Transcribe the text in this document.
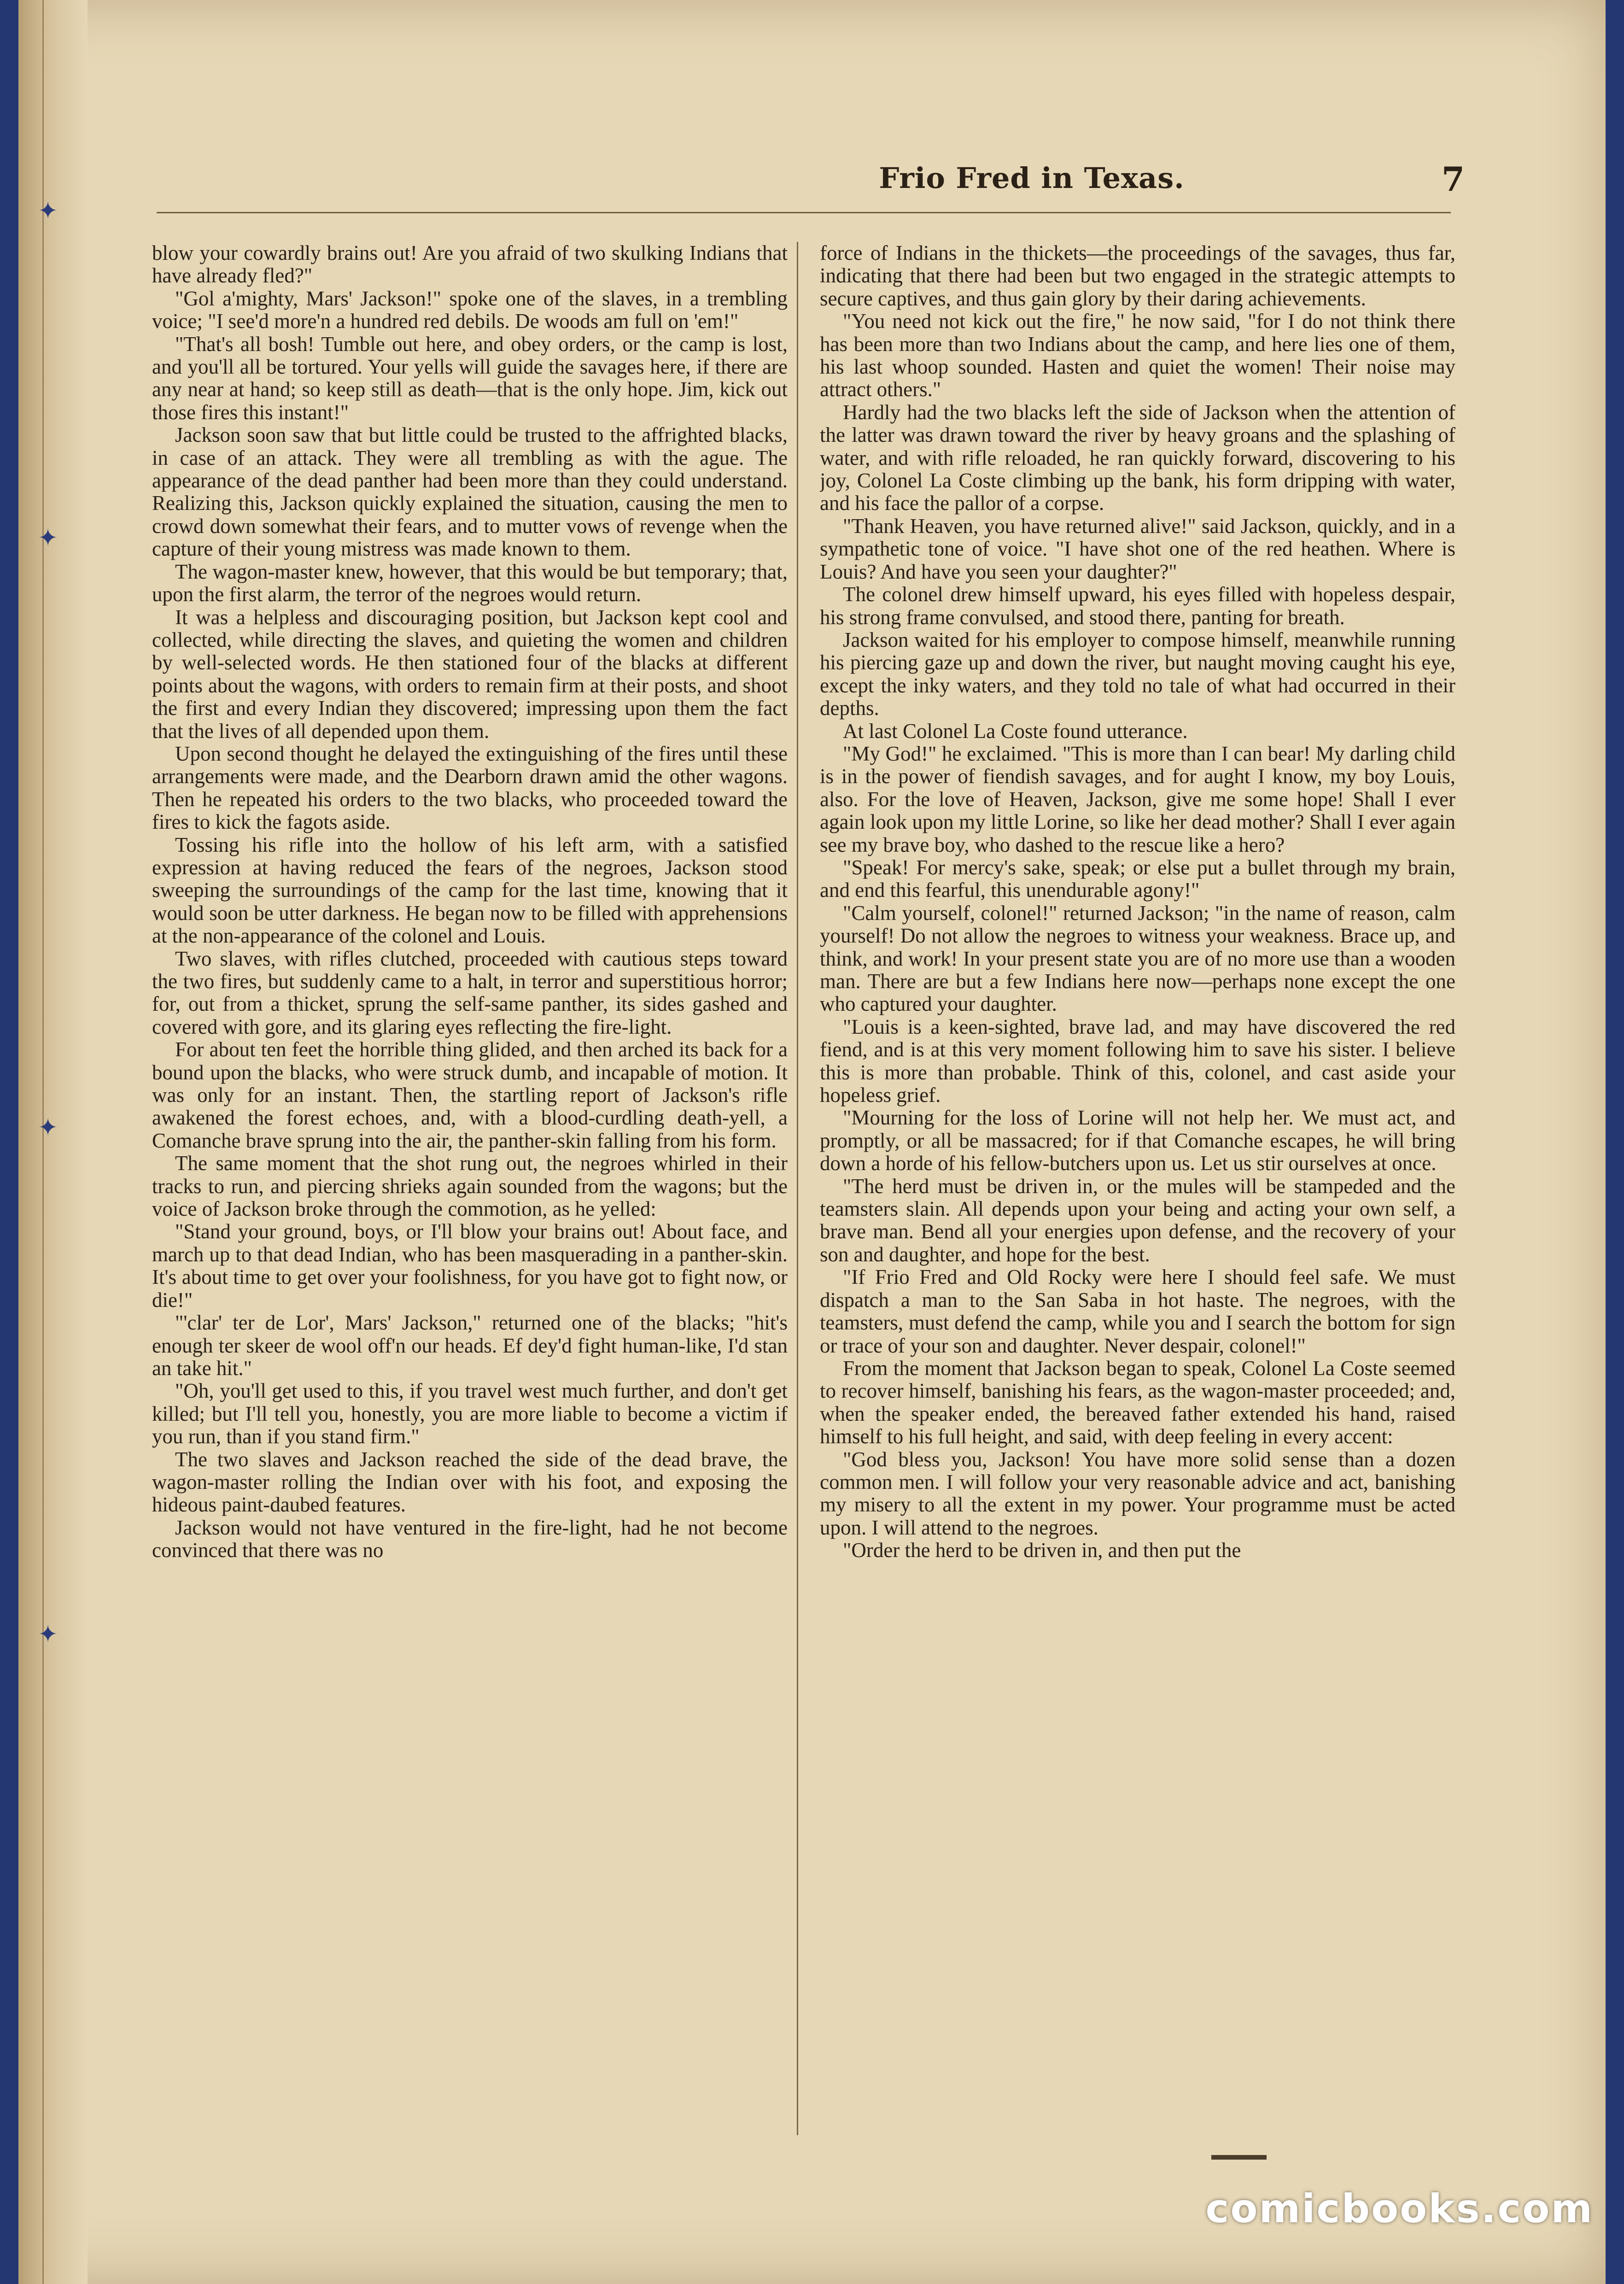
✦
✦
✦
✦
Frio Fred in Texas.	7

blow your cowardly brains out! Are you afraid of two skulking Indians that have already fled?"

"Gol a'mighty, Mars' Jackson!" spoke one of the slaves, in a trembling voice; "I see'd more'n a hundred red debils. De woods am full on 'em!"

"That's all bosh! Tumble out here, and obey orders, or the camp is lost, and you'll all be tortured. Your yells will guide the savages here, if there are any near at hand; so keep still as death—that is the only hope. Jim, kick out those fires this instant!"

Jackson soon saw that but little could be trusted to the affrighted blacks, in case of an attack. They were all trembling as with the ague. The appearance of the dead panther had been more than they could understand. Realizing this, Jackson quickly explained the situation, causing the men to crowd down somewhat their fears, and to mutter vows of revenge when the capture of their young mistress was made known to them.

The wagon-master knew, however, that this would be but temporary; that, upon the first alarm, the terror of the negroes would return.

It was a helpless and discouraging position, but Jackson kept cool and collected, while directing the slaves, and quieting the women and children by well-selected words. He then stationed four of the blacks at different points about the wagons, with orders to remain firm at their posts, and shoot the first and every Indian they discovered; impressing upon them the fact that the lives of all depended upon them.

Upon second thought he delayed the extinguishing of the fires until these arrangements were made, and the Dearborn drawn amid the other wagons. Then he repeated his orders to the two blacks, who proceeded toward the fires to kick the fagots aside.

Tossing his rifle into the hollow of his left arm, with a satisfied expression at having reduced the fears of the negroes, Jackson stood sweeping the surroundings of the camp for the last time, knowing that it would soon be utter darkness. He began now to be filled with apprehensions at the non-appearance of the colonel and Louis.

Two slaves, with rifles clutched, proceeded with cautious steps toward the two fires, but suddenly came to a halt, in terror and superstitious horror; for, out from a thicket, sprung the self-same panther, its sides gashed and covered with gore, and its glaring eyes reflecting the fire-light.

For about ten feet the horrible thing glided, and then arched its back for a bound upon the blacks, who were struck dumb, and incapable of motion. It was only for an instant. Then, the startling report of Jackson's rifle awakened the forest echoes, and, with a blood-curdling death-yell, a Comanche brave sprung into the air, the panther-skin falling from his form.

The same moment that the shot rung out, the negroes whirled in their tracks to run, and piercing shrieks again sounded from the wagons; but the voice of Jackson broke through the commotion, as he yelled:

"Stand your ground, boys, or I'll blow your brains out! About face, and march up to that dead Indian, who has been masquerading in a panther-skin. It's about time to get over your foolishness, for you have got to fight now, or die!"

"'clar' ter de Lor', Mars' Jackson," returned one of the blacks; "hit's enough ter skeer de wool off'n our heads. Ef dey'd fight human-like, I'd stan an take hit."

"Oh, you'll get used to this, if you travel west much further, and don't get killed; but I'll tell you, honestly, you are more liable to become a victim if you run, than if you stand firm."

The two slaves and Jackson reached the side of the dead brave, the wagon-master rolling the Indian over with his foot, and exposing the hideous paint-daubed features.

Jackson would not have ventured in the fire-light, had he not become convinced that there was no

force of Indians in the thickets—the proceedings of the savages, thus far, indicating that there had been but two engaged in the strategic attempts to secure captives, and thus gain glory by their daring achievements.

"You need not kick out the fire," he now said, "for I do not think there has been more than two Indians about the camp, and here lies one of them, his last whoop sounded. Hasten and quiet the women! Their noise may attract others."

Hardly had the two blacks left the side of Jackson when the attention of the latter was drawn toward the river by heavy groans and the splashing of water, and with rifle reloaded, he ran quickly forward, discovering to his joy, Colonel La Coste climbing up the bank, his form dripping with water, and his face the pallor of a corpse.

"Thank Heaven, you have returned alive!" said Jackson, quickly, and in a sympathetic tone of voice. "I have shot one of the red heathen. Where is Louis? And have you seen your daughter?"

The colonel drew himself upward, his eyes filled with hopeless despair, his strong frame convulsed, and stood there, panting for breath.

Jackson waited for his employer to compose himself, meanwhile running his piercing gaze up and down the river, but naught moving caught his eye, except the inky waters, and they told no tale of what had occurred in their depths.

At last Colonel La Coste found utterance.

"My God!" he exclaimed. "This is more than I can bear! My darling child is in the power of fiendish savages, and for aught I know, my boy Louis, also. For the love of Heaven, Jackson, give me some hope! Shall I ever again look upon my little Lorine, so like her dead mother? Shall I ever again see my brave boy, who dashed to the rescue like a hero?

"Speak! For mercy's sake, speak; or else put a bullet through my brain, and end this fearful, this unendurable agony!"

"Calm yourself, colonel!" returned Jackson; "in the name of reason, calm yourself! Do not allow the negroes to witness your weakness. Brace up, and think, and work! In your present state you are of no more use than a wooden man. There are but a few Indians here now—perhaps none except the one who captured your daughter.

"Louis is a keen-sighted, brave lad, and may have discovered the red fiend, and is at this very moment following him to save his sister. I believe this is more than probable. Think of this, colonel, and cast aside your hopeless grief.

"Mourning for the loss of Lorine will not help her. We must act, and promptly, or all be massacred; for if that Comanche escapes, he will bring down a horde of his fellow-butchers upon us. Let us stir ourselves at once.

"The herd must be driven in, or the mules will be stampeded and the teamsters slain. All depends upon your being and acting your own self, a brave man. Bend all your energies upon defense, and the recovery of your son and daughter, and hope for the best.

"If Frio Fred and Old Rocky were here I should feel safe. We must dispatch a man to the San Saba in hot haste. The negroes, with the teamsters, must defend the camp, while you and I search the bottom for sign or trace of your son and daughter. Never despair, colonel!"

From the moment that Jackson began to speak, Colonel La Coste seemed to recover himself, banishing his fears, as the wagon-master proceeded; and, when the speaker ended, the bereaved father extended his hand, raised himself to his full height, and said, with deep feeling in every accent:

"God bless you, Jackson! You have more solid sense than a dozen common men. I will follow your very reasonable advice and act, banishing my misery to all the extent in my power. Your programme must be acted upon. I will attend to the negroes.

"Order the herd to be driven in, and then put the

comicbooks.com
